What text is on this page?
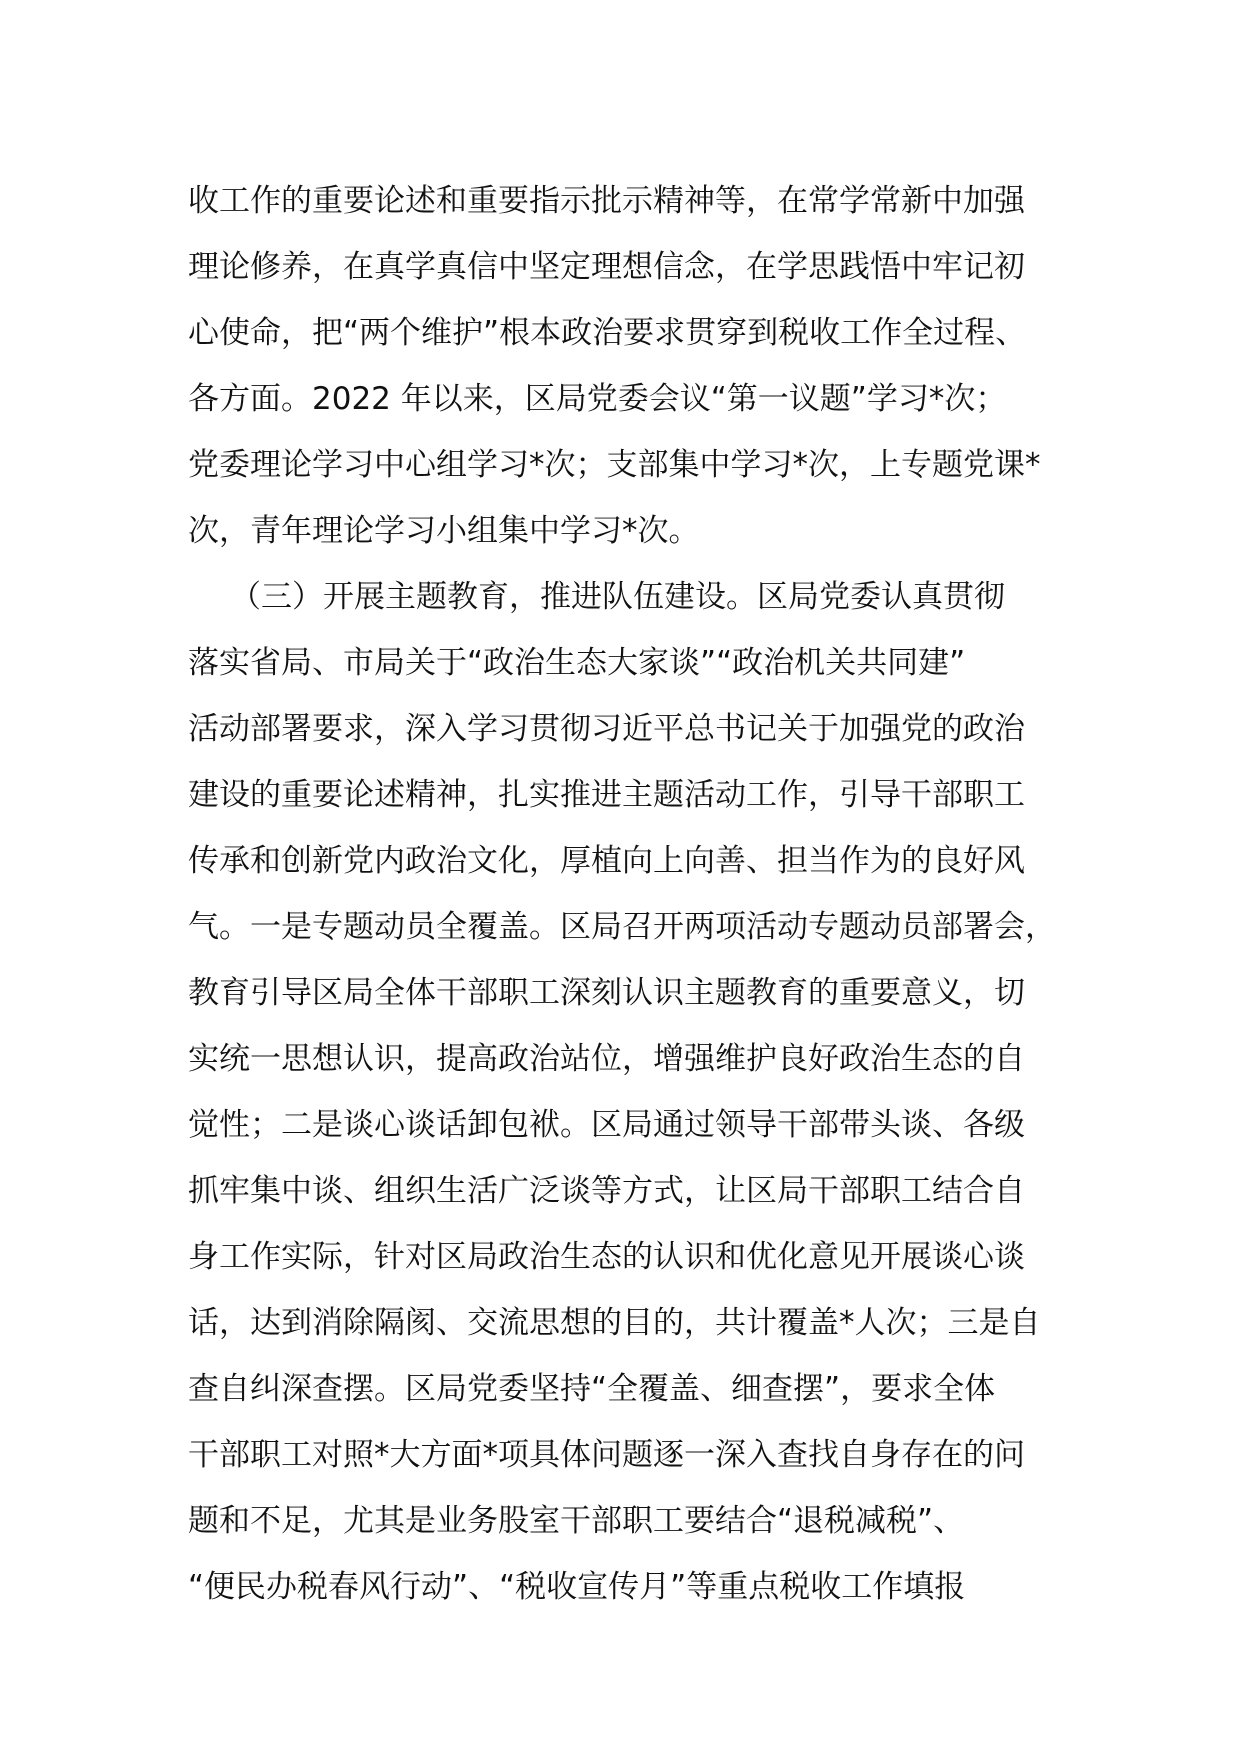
收工作的重要论述和重要指示批示精神等，在常学常新中加强
理论修养，在真学真信中坚定理想信念，在学思践悟中牢记初
心使命，把“两个维护”根本政治要求贯穿到税收工作全过程、
各方面。2022 年以来，区局党委会议“第一议题”学习*次；
党委理论学习中心组学习*次；支部集中学习*次，上专题党课*
次，青年理论学习小组集中学习*次。
（三）开展主题教育，推进队伍建设。区局党委认真贯彻
落实省局、市局关于“政治生态大家谈”“政治机关共同建”
活动部署要求，深入学习贯彻习近平总书记关于加强党的政治
建设的重要论述精神，扎实推进主题活动工作，引导干部职工
传承和创新党内政治文化，厚植向上向善、担当作为的良好风
气。一是专题动员全覆盖。区局召开两项活动专题动员部署会，
教育引导区局全体干部职工深刻认识主题教育的重要意义，切
实统一思想认识，提高政治站位，增强维护良好政治生态的自
觉性；二是谈心谈话卸包袱。区局通过领导干部带头谈、各级
抓牢集中谈、组织生活广泛谈等方式，让区局干部职工结合自
身工作实际，针对区局政治生态的认识和优化意见开展谈心谈
话，达到消除隔阂、交流思想的目的，共计覆盖*人次；三是自
查自纠深查摆。区局党委坚持“全覆盖、细查摆”，要求全体
干部职工对照*大方面*项具体问题逐一深入查找自身存在的问
题和不足，尤其是业务股室干部职工要结合“退税减税”、
“便民办税春风行动”、“税收宣传月”等重点税收工作填报
